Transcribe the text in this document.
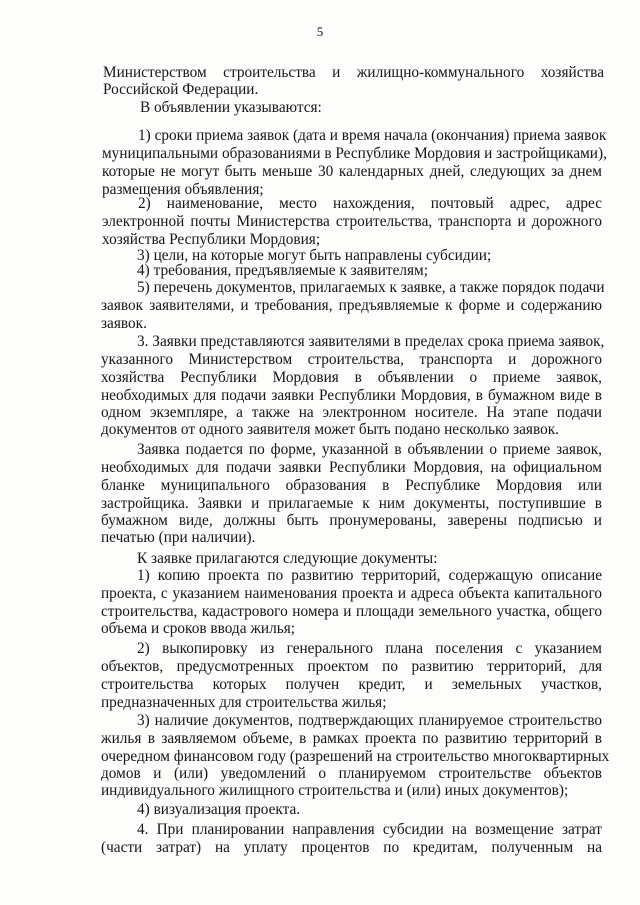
5
Министерством строительства и жилищно-коммунального хозяйства
Российской Федерации.
В объявлении указываются:
1) сроки приема заявок (дата и время начала (окончания) приема заявок
муниципальными образованиями в Республике Мордовия и застройщиками),
которые не могут быть меньше 30 календарных дней, следующих за днем
размещения объявления;
2) наименование, место нахождения, почтовый адрес, адрес
электронной почты Министерства строительства, транспорта и дорожного
хозяйства Республики Мордовия;
3) цели, на которые могут быть направлены субсидии;
4) требования, предъявляемые к заявителям;
5) перечень документов, прилагаемых к заявке, а также порядок подачи
заявок заявителями, и требования, предъявляемые к форме и содержанию
заявок.
3. Заявки представляются заявителями в пределах срока приема заявок,
указанного Министерством строительства, транспорта и дорожного
хозяйства Республики Мордовия в объявлении о приеме заявок,
необходимых для подачи заявки Республики Мордовия, в бумажном виде в
одном экземпляре, а также на электронном носителе. На этапе подачи
документов от одного заявителя может быть подано несколько заявок.
Заявка подается по форме, указанной в объявлении о приеме заявок,
необходимых для подачи заявки Республики Мордовия, на официальном
бланке муниципального образования в Республике Мордовия или
застройщика. Заявки и прилагаемые к ним документы, поступившие в
бумажном виде, должны быть пронумерованы, заверены подписью и
печатью (при наличии).
К заявке прилагаются следующие документы:
1) копию проекта по развитию территорий, содержащую описание
проекта, с указанием наименования проекта и адреса объекта капитального
строительства, кадастрового номера и площади земельного участка, общего
объема и сроков ввода жилья;
2) выкопировку из генерального плана поселения с указанием
объектов, предусмотренных проектом по развитию территорий, для
строительства которых получен кредит, и земельных участков,
предназначенных для строительства жилья;
3) наличие документов, подтверждающих планируемое строительство
жилья в заявляемом объеме, в рамках проекта по развитию территорий в
очередном финансовом году (разрешений на строительство многоквартирных
домов и (или) уведомлений о планируемом строительстве объектов
индивидуального жилищного строительства и (или) иных документов);
4) визуализация проекта.
4. При планировании направления субсидии на возмещение затрат
(части затрат) на уплату процентов по кредитам, полученным на
